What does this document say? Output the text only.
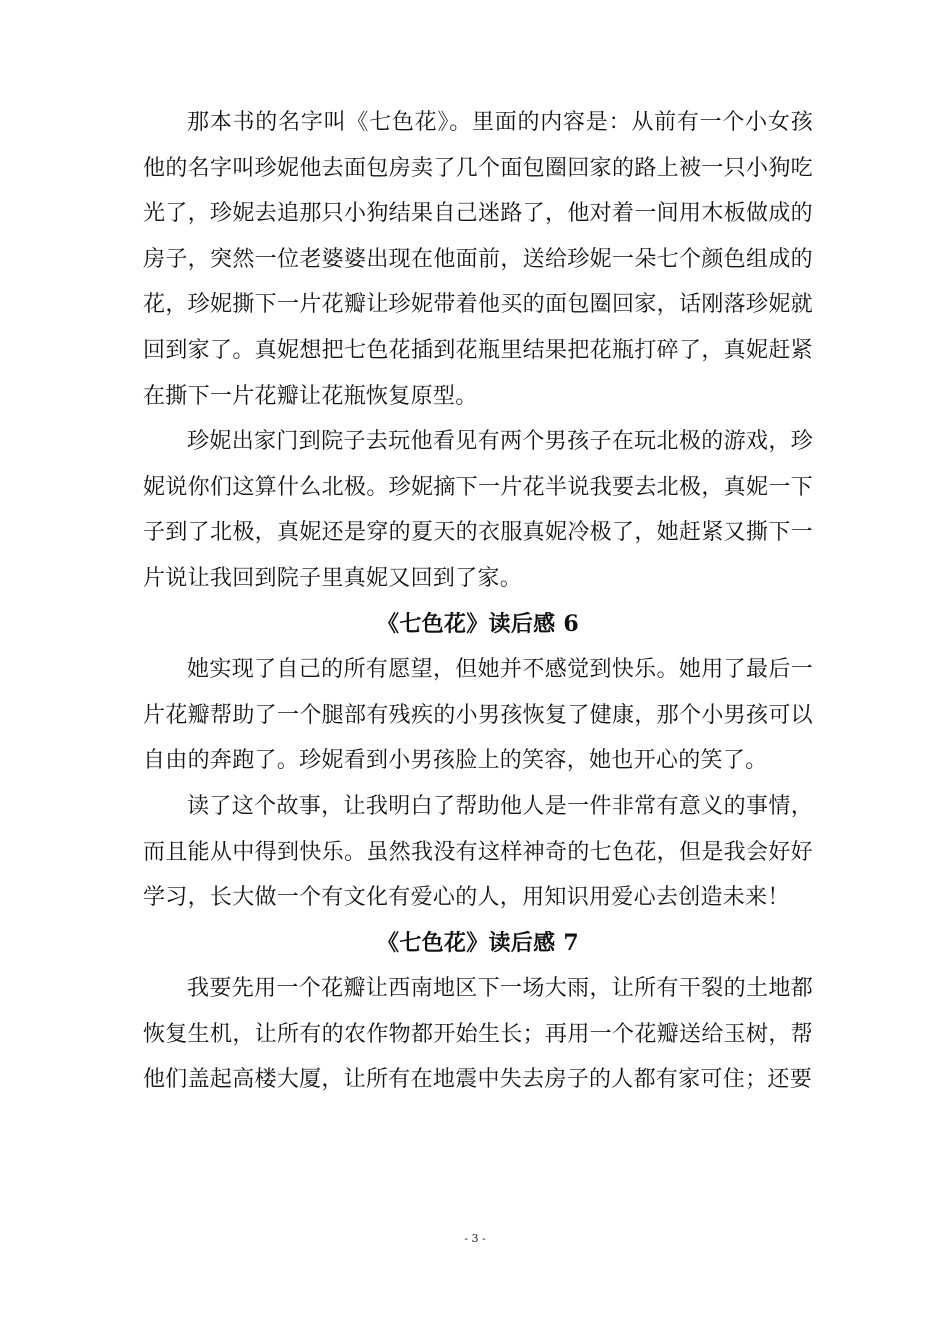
那本书的名字叫《七色花》。里面的内容是：从前有一个小女孩他的名字叫珍妮他去面包房卖了几个面包圈回家的路上被一只小狗吃光了，珍妮去追那只小狗结果自己迷路了，他对着一间用木板做成的房子，突然一位老婆婆出现在他面前，送给珍妮一朵七个颜色组成的花，珍妮撕下一片花瓣让珍妮带着他买的面包圈回家，话刚落珍妮就回到家了。真妮想把七色花插到花瓶里结果把花瓶打碎了，真妮赶紧在撕下一片花瓣让花瓶恢复原型。

珍妮出家门到院子去玩他看见有两个男孩子在玩北极的游戏，珍妮说你们这算什么北极。珍妮摘下一片花半说我要去北极，真妮一下子到了北极，真妮还是穿的夏天的衣服真妮冷极了，她赶紧又撕下一片说让我回到院子里真妮又回到了家。

《七色花》读后感 6

她实现了自己的所有愿望，但她并不感觉到快乐。她用了最后一片花瓣帮助了一个腿部有残疾的小男孩恢复了健康，那个小男孩可以自由的奔跑了。珍妮看到小男孩脸上的笑容，她也开心的笑了。

读了这个故事，让我明白了帮助他人是一件非常有意义的事情，而且能从中得到快乐。虽然我没有这样神奇的七色花，但是我会好好学习，长大做一个有文化有爱心的人，用知识用爱心去创造未来！

《七色花》读后感 7

我要先用一个花瓣让西南地区下一场大雨，让所有干裂的土地都恢复生机，让所有的农作物都开始生长；再用一个花瓣送给玉树，帮他们盖起高楼大厦，让所有在地震中失去房子的人都有家可住；还要

- 3 -
